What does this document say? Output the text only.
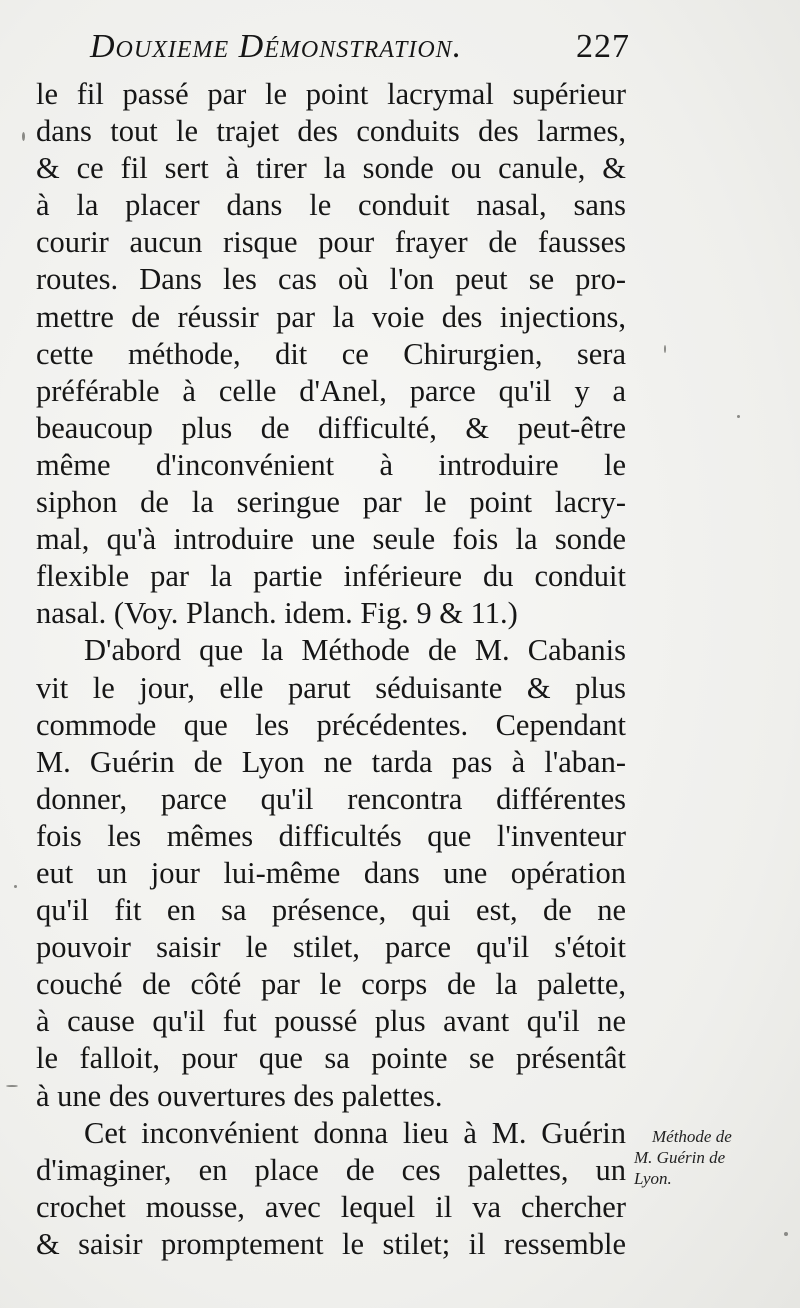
Douxieme Démonstration.	227
le fil passé par le point lacrymal supérieur
dans tout le trajet des conduits des larmes,
& ce fil sert à tirer la sonde ou canule, &
à la placer dans le conduit nasal, sans
courir aucun risque pour frayer de fausses
routes. Dans les cas où l'on peut se pro-
mettre de réussir par la voie des injections,
cette méthode, dit ce Chirurgien, sera
préférable à celle d'Anel, parce qu'il y a
beaucoup plus de difficulté, & peut-être
même d'inconvénient à introduire le
siphon de la seringue par le point lacry-
mal, qu'à introduire une seule fois la sonde
flexible par la partie inférieure du conduit
nasal. (Voy. Planch. idem. Fig. 9 & 11.)
D'abord que la Méthode de M. Cabanis
vit le jour, elle parut séduisante & plus
commode que les précédentes. Cependant
M. Guérin de Lyon ne tarda pas à l'aban-
donner, parce qu'il rencontra différentes
fois les mêmes difficultés que l'inventeur
eut un jour lui-même dans une opération
qu'il fit en sa présence, qui est, de ne
pouvoir saisir le stilet, parce qu'il s'étoit
couché de côté par le corps de la palette,
à cause qu'il fut poussé plus avant qu'il ne
le falloit, pour que sa pointe se présentât
à une des ouvertures des palettes.
Cet inconvénient donna lieu à M. Guérin
d'imaginer, en place de ces palettes, un
crochet mousse, avec lequel il va chercher
& saisir promptement le stilet; il ressemble
Méthode de
M. Guérin de
Lyon.
